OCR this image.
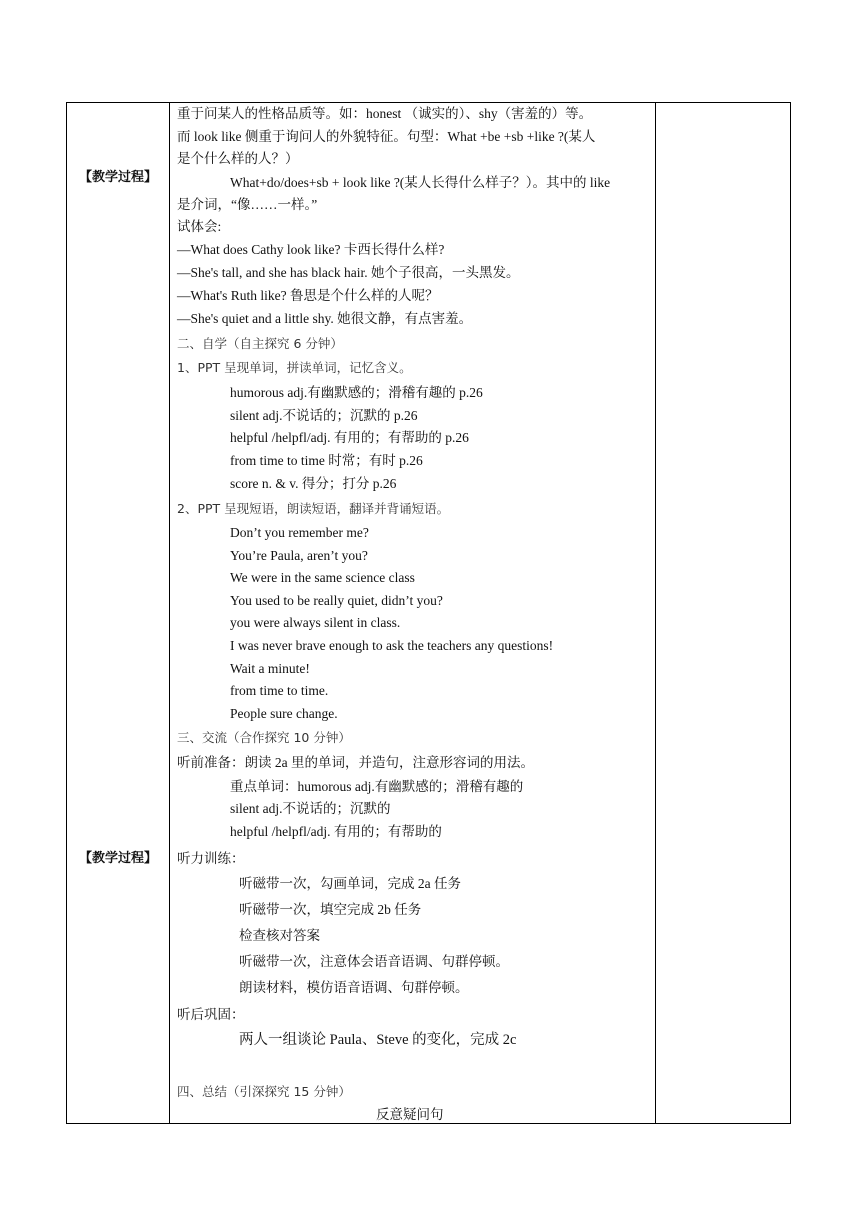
【教学过程】
【教学过程】
重于问某人的性格品质等。如：honest （诚实的）、shy（害羞的）等。
而 look like 侧重于询问人的外貌特征。句型：What +be +sb +like ?(某人
是个什么样的人？）
What+do/does+sb + look like ?(某人长得什么样子？）。其中的 like
是介词，“像……一样。”
试体会:
—What does Cathy look like? 卡西长得什么样?
—She's tall, and she has black hair. 她个子很高，一头黑发。
—What's Ruth like? 鲁思是个什么样的人呢？
—She's quiet and a little shy. 她很文静，有点害羞。
二、自学（自主探究 6 分钟）
1、PPT 呈现单词，拼读单词，记忆含义。
humorous adj.有幽默感的；滑稽有趣的 p.26
silent adj.不说话的；沉默的 p.26
helpful /helpfl/adj. 有用的；有帮助的 p.26
from time to time 时常；有时 p.26
score n. & v. 得分；打分 p.26
2、PPT 呈现短语，朗读短语，翻译并背诵短语。
Don’t you remember me?
You’re Paula, aren’t you?
We were in the same science class
You used to be really quiet, didn’t you?
you were always silent in class.
I was never brave enough to ask the teachers any questions!
Wait a minute!
from time to time.
People sure change.
三、交流（合作探究 10 分钟）
听前准备：朗读 2a 里的单词，并造句，注意形容词的用法。
重点单词：humorous adj.有幽默感的；滑稽有趣的
silent adj.不说话的；沉默的
helpful /helpfl/adj. 有用的；有帮助的
听力训练：
听磁带一次，勾画单词，完成 2a 任务
听磁带一次，填空完成 2b 任务
检查核对答案
听磁带一次，注意体会语音语调、句群停顿。
朗读材料，模仿语音语调、句群停顿。
听后巩固：
两人一组谈论 Paula、Steve 的变化，完成 2c
四、总结（引深探究 15 分钟）
反意疑问句
